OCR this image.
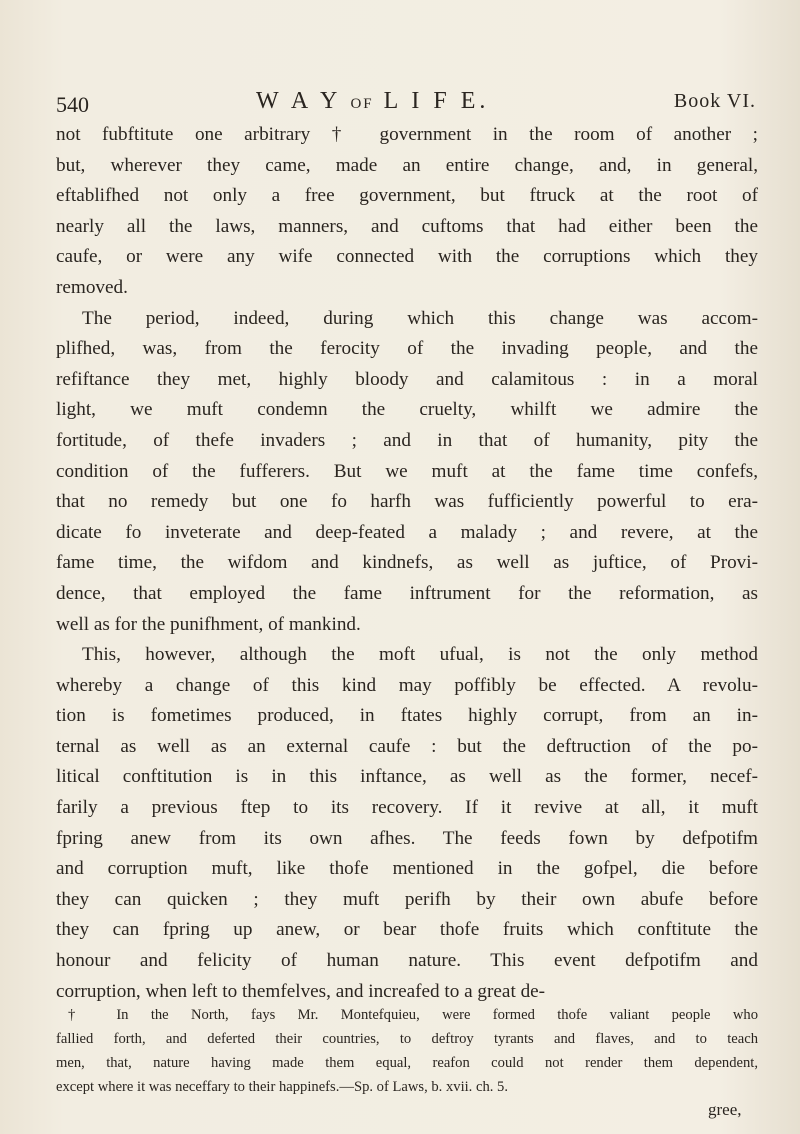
540	W A Y OF L I F E.	Book VI.

not fubftitute one arbitrary † government in the room of another ;
but, wherever they came, made an entire change, and, in general,
eftablifhed not only a free government, but ftruck at the root of
nearly all the laws, manners, and cuftoms that had either been the
caufe, or were any wife connected with the corruptions which they
removed.

The period, indeed, during which this change was accom-
plifhed, was, from the ferocity of the invading people, and the
refiftance they met, highly bloody and calamitous : in a moral
light, we muft condemn the cruelty, whilft we admire the
fortitude, of thefe invaders ; and in that of humanity, pity the
condition of the fufferers. But we muft at the fame time confefs,
that no remedy but one fo harfh was fufficiently powerful to era-
dicate fo inveterate and deep-feated a malady ; and revere, at the
fame time, the wifdom and kindnefs, as well as juftice, of Provi-
dence, that employed the fame inftrument for the reformation, as
well as for the punifhment, of mankind.

This, however, although the moft ufual, is not the only method
whereby a change of this kind may poffibly be effected. A revolu-
tion is fometimes produced, in ftates highly corrupt, from an in-
ternal as well as an external caufe : but the deftruction of the po-
litical conftitution is in this inftance, as well as the former, necef-
farily a previous ftep to its recovery. If it revive at all, it muft
fpring anew from its own afhes. The feeds fown by defpotifm
and corruption muft, like thofe mentioned in the gofpel, die before
they can quicken ; they muft perifh by their own abufe before
they can fpring up anew, or bear thofe fruits which conftitute the
honour and felicity of human nature. This event defpotifm and
corruption, when left to themfelves, and increafed to a great de-

† In the North, fays Mr. Montefquieu, were formed thofe valiant people who
fallied forth, and deferted their countries, to deftroy tyrants and flaves, and to teach
men, that, nature having made them equal, reafon could not render them dependent,
except where it was neceffary to their happinefs.—Sp. of Laws, b. xvii. ch. 5.
gree,
